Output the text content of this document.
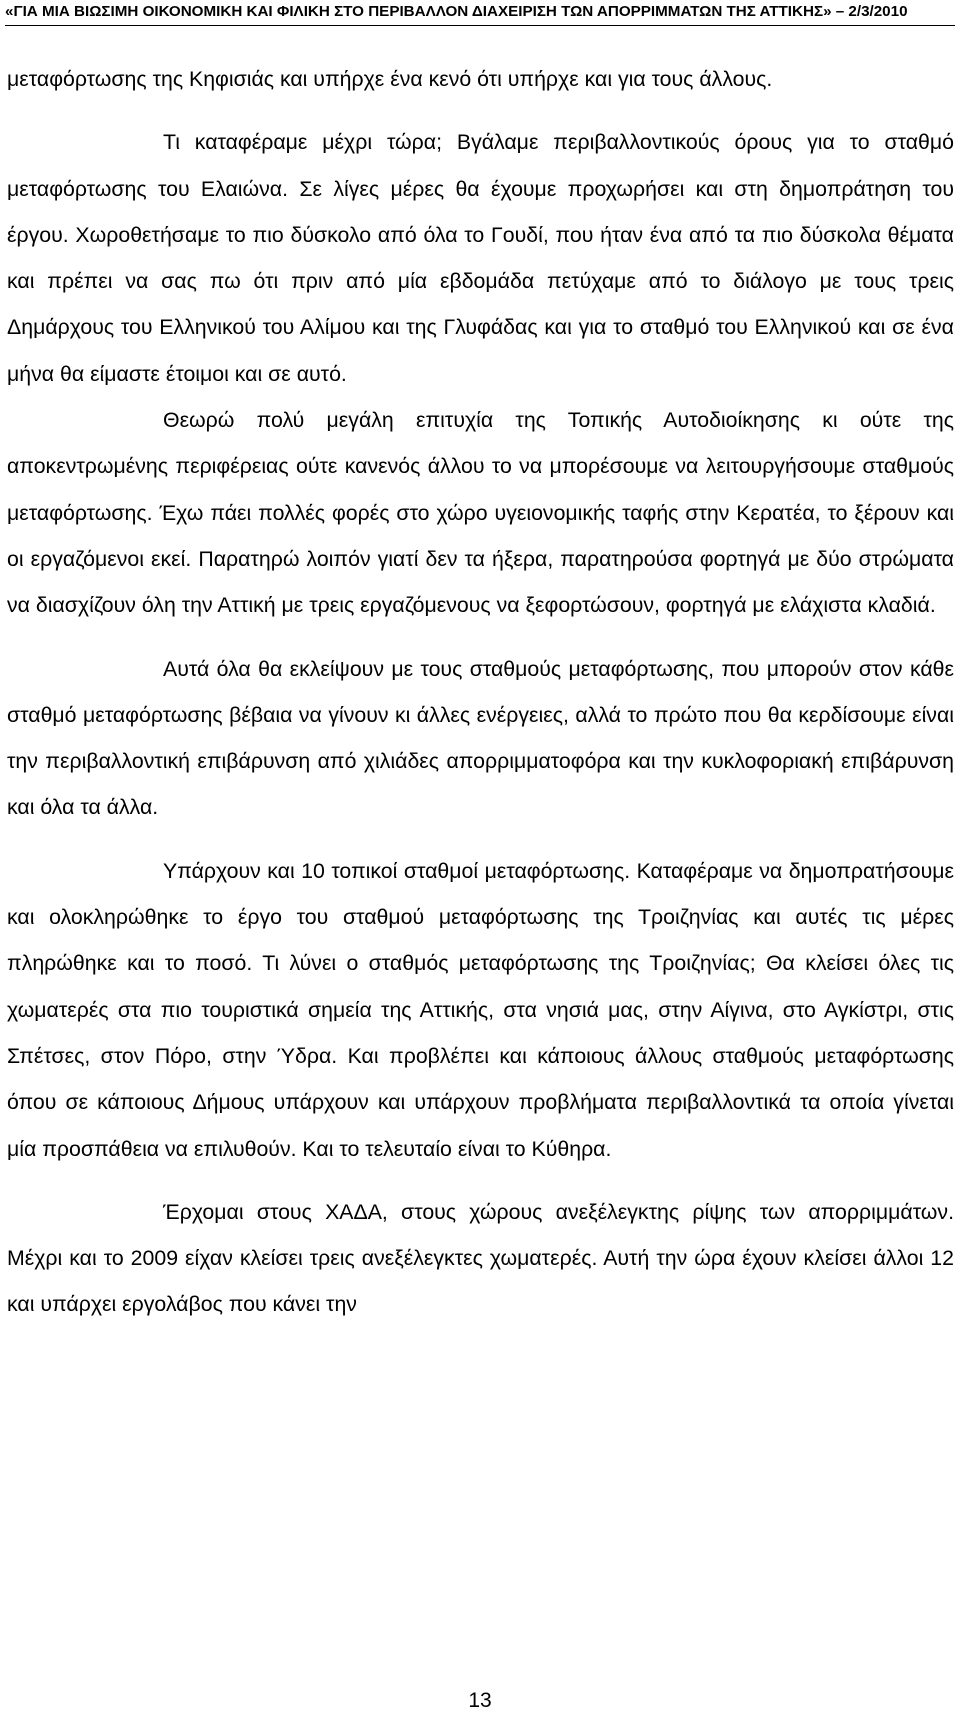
«ΓΙΑ ΜΙΑ ΒΙΩΣΙΜΗ ΟΙΚΟΝΟΜΙΚΗ ΚΑΙ ΦΙΛΙΚΗ ΣΤΟ ΠΕΡΙΒΑΛΛΟΝ ΔΙΑΧΕΙΡΙΣΗ ΤΩΝ ΑΠΟΡΡΙΜΜΑΤΩΝ ΤΗΣ ΑΤΤΙΚΗΣ» – 2/3/2010

μεταφόρτωσης της Κηφισιάς και υπήρχε ένα κενό ότι υπήρχε και για τους άλλους.

Τι καταφέραμε μέχρι τώρα; Βγάλαμε περιβαλλοντικούς όρους για το σταθμό μεταφόρτωσης του Ελαιώνα. Σε λίγες μέρες θα έχουμε προχωρήσει και στη δημοπράτηση του έργου. Χωροθετήσαμε το πιο δύσκολο από όλα το Γουδί, που ήταν ένα από τα πιο δύσκολα θέματα και πρέπει να σας πω ότι πριν από μία εβδομάδα πετύχαμε από το διάλογο με τους τρεις Δημάρχους του Ελληνικού του Αλίμου και της Γλυφάδας και για το σταθμό του Ελληνικού και σε ένα μήνα θα είμαστε έτοιμοι και σε αυτό.

Θεωρώ πολύ μεγάλη επιτυχία της Τοπικής Αυτοδιοίκησης κι ούτε της αποκεντρωμένης περιφέρειας ούτε κανενός άλλου το να μπορέσουμε να λειτουργήσουμε σταθμούς μεταφόρτωσης. Έχω πάει πολλές φορές στο χώρο υγειονομικής ταφής στην Κερατέα, το ξέρουν και οι εργαζόμενοι εκεί. Παρατηρώ λοιπόν γιατί δεν τα ήξερα, παρατηρούσα φορτηγά με δύο στρώματα να διασχίζουν όλη την Αττική με τρεις εργαζόμενους να ξεφορτώσουν, φορτηγά με ελάχιστα κλαδιά.

Αυτά όλα θα εκλείψουν με τους σταθμούς μεταφόρτωσης, που μπορούν στον κάθε σταθμό μεταφόρτωσης βέβαια να γίνουν κι άλλες ενέργειες, αλλά το πρώτο που θα κερδίσουμε είναι την περιβαλλοντική επιβάρυνση από χιλιάδες απορριμματοφόρα και την κυκλοφοριακή επιβάρυνση και όλα τα άλλα.

Υπάρχουν και 10 τοπικοί σταθμοί μεταφόρτωσης. Καταφέραμε να δημοπρατήσουμε και ολοκληρώθηκε το έργο του σταθμού μεταφόρτωσης της Τροιζηνίας και αυτές τις μέρες πληρώθηκε και το ποσό. Τι λύνει ο σταθμός μεταφόρτωσης της Τροιζηνίας; Θα κλείσει όλες τις χωματερές στα πιο τουριστικά σημεία της Αττικής, στα νησιά μας, στην Αίγινα, στο Αγκίστρι, στις Σπέτσες, στον Πόρο, στην Ύδρα. Και προβλέπει και κάποιους άλλους σταθμούς μεταφόρτωσης όπου σε κάποιους Δήμους υπάρχουν και υπάρχουν προβλήματα περιβαλλοντικά τα οποία γίνεται μία προσπάθεια να επιλυθούν. Και το τελευταίο είναι το Κύθηρα.

Έρχομαι στους ΧΑΔΑ, στους χώρους ανεξέλεγκτης ρίψης των απορριμμάτων. Μέχρι και το 2009 είχαν κλείσει τρεις ανεξέλεγκτες χωματερές. Αυτή την ώρα έχουν κλείσει άλλοι 12 και υπάρχει εργολάβος που κάνει την

13
